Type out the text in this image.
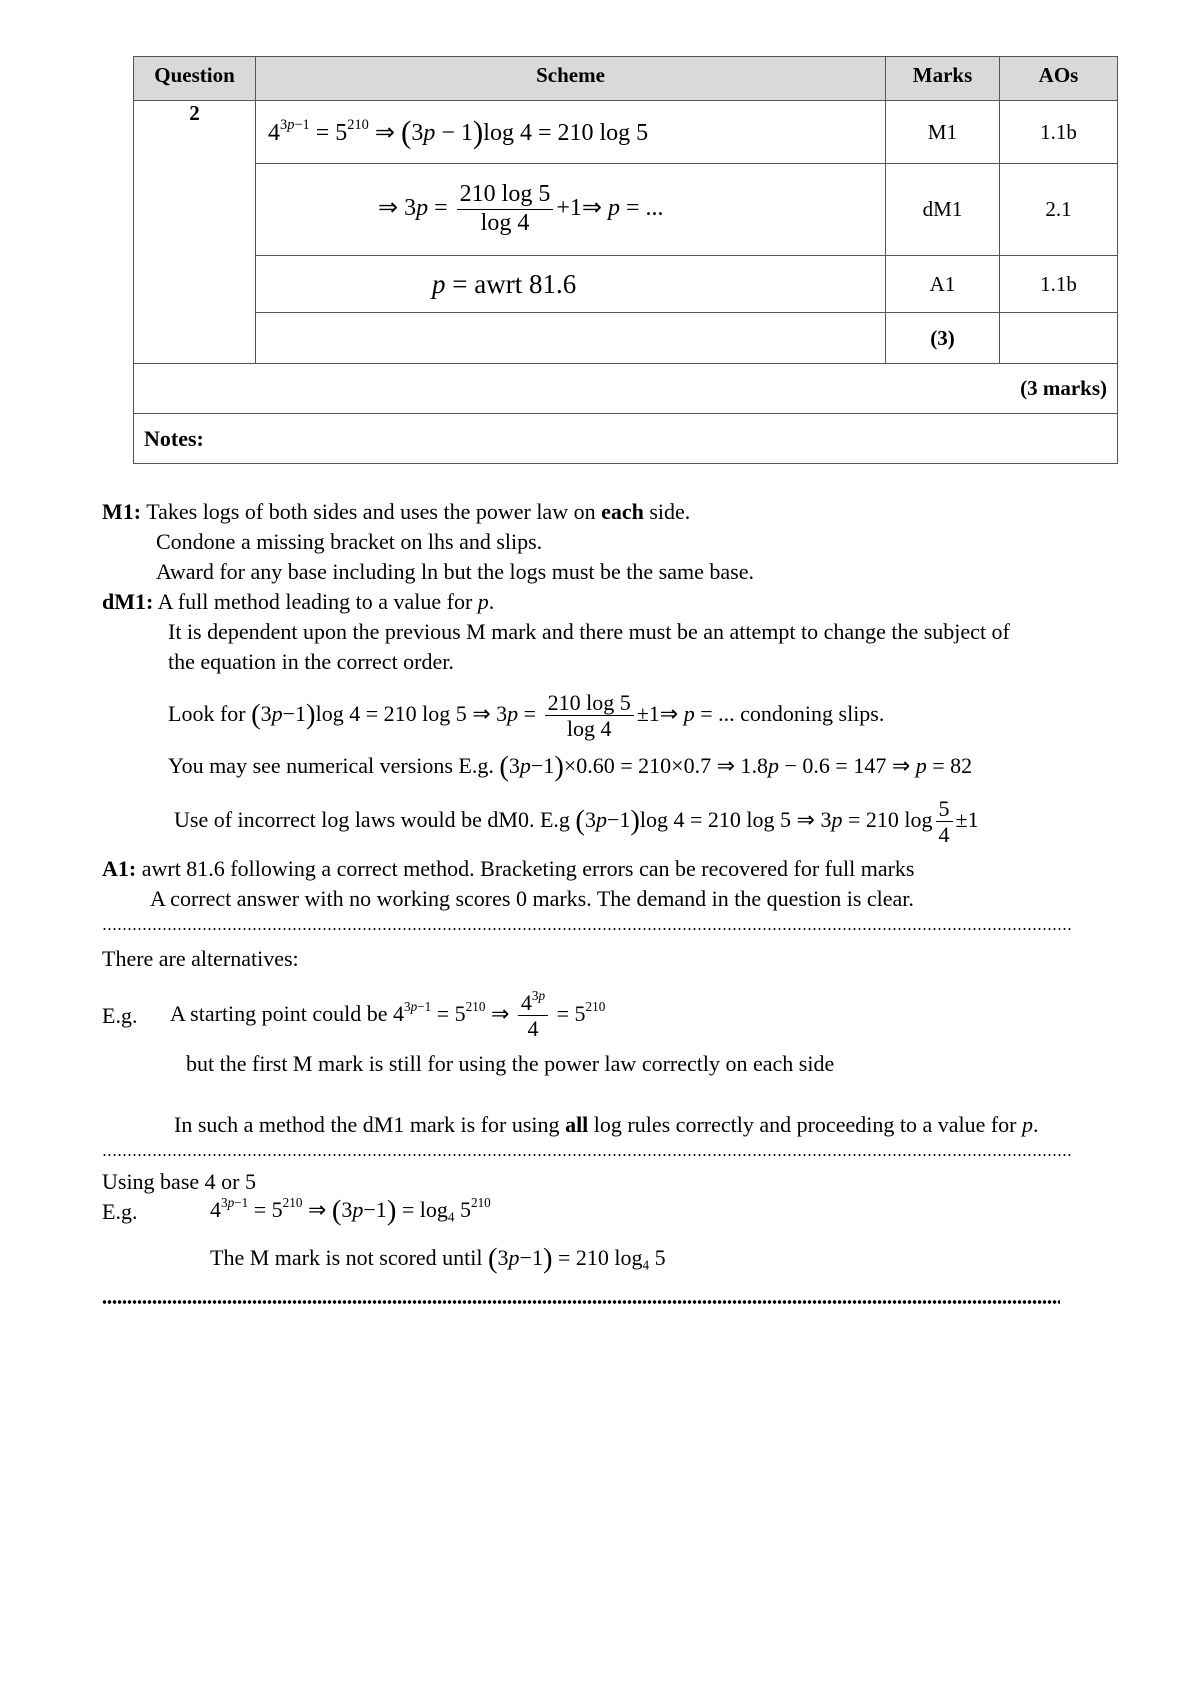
Question	Scheme	Marks	AOs
2	$4^{3p-1} = 5^{210}$ ⇒ (3p − 1)log 4 = 210 log 5	M1	1.1b
	⇒ $3p = \frac{210 \log 5}{\log 4}$ +1⇒ p = ...	dM1	2.1
	p = awrt 81.6	A1	1.1b
		(3)	
(3 marks)			
Notes:			
M1: Takes logs of both sides and uses the power law on each side.
Condone a missing bracket on lhs and slips.
Award for any base including ln but the logs must be the same base.
dM1: A full method leading to a value for p.
It is dependent upon the previous M mark and there must be an attempt to change the subject of
the equation in the correct order.
Look for (3p−1)log 4 = 210 log 5 ⇒ $3p = \frac{210 \log 5}{\log 4}$ ±1⇒ p = ... condoning slips.
You may see numerical versions E.g. (3p−1)×0.60 = 210×0.7 ⇒ 1.8p − 0.6 = 147 ⇒ p = 82
Use of incorrect log laws would be dM0. E.g (3p−1)log 4 = 210 log 5 ⇒ 3p = 210 $\log \frac{5}{4} \pm 1$
A1: awrt 81.6 following a correct method. Bracketing errors can be recovered for full marks
A correct answer with no working scores 0 marks. The demand in the question is clear.
There are alternatives:
E.g. A starting point could be $4^{3p-1} = 5^{210}$ ⇒ $\frac{4^{3p}}{4} = 5^{210}$
but the first M mark is still for using the power law correctly on each side
In such a method the dM1 mark is for using all log rules correctly and proceeding to a value for p.
Using base 4 or 5
E.g.	$4^{3p-1} = 5^{210}$ ⇒ $(3p-1) = \log_4 5^{210}$
The M mark is not scored until (3p−1) = 210 $\log_4 5$
